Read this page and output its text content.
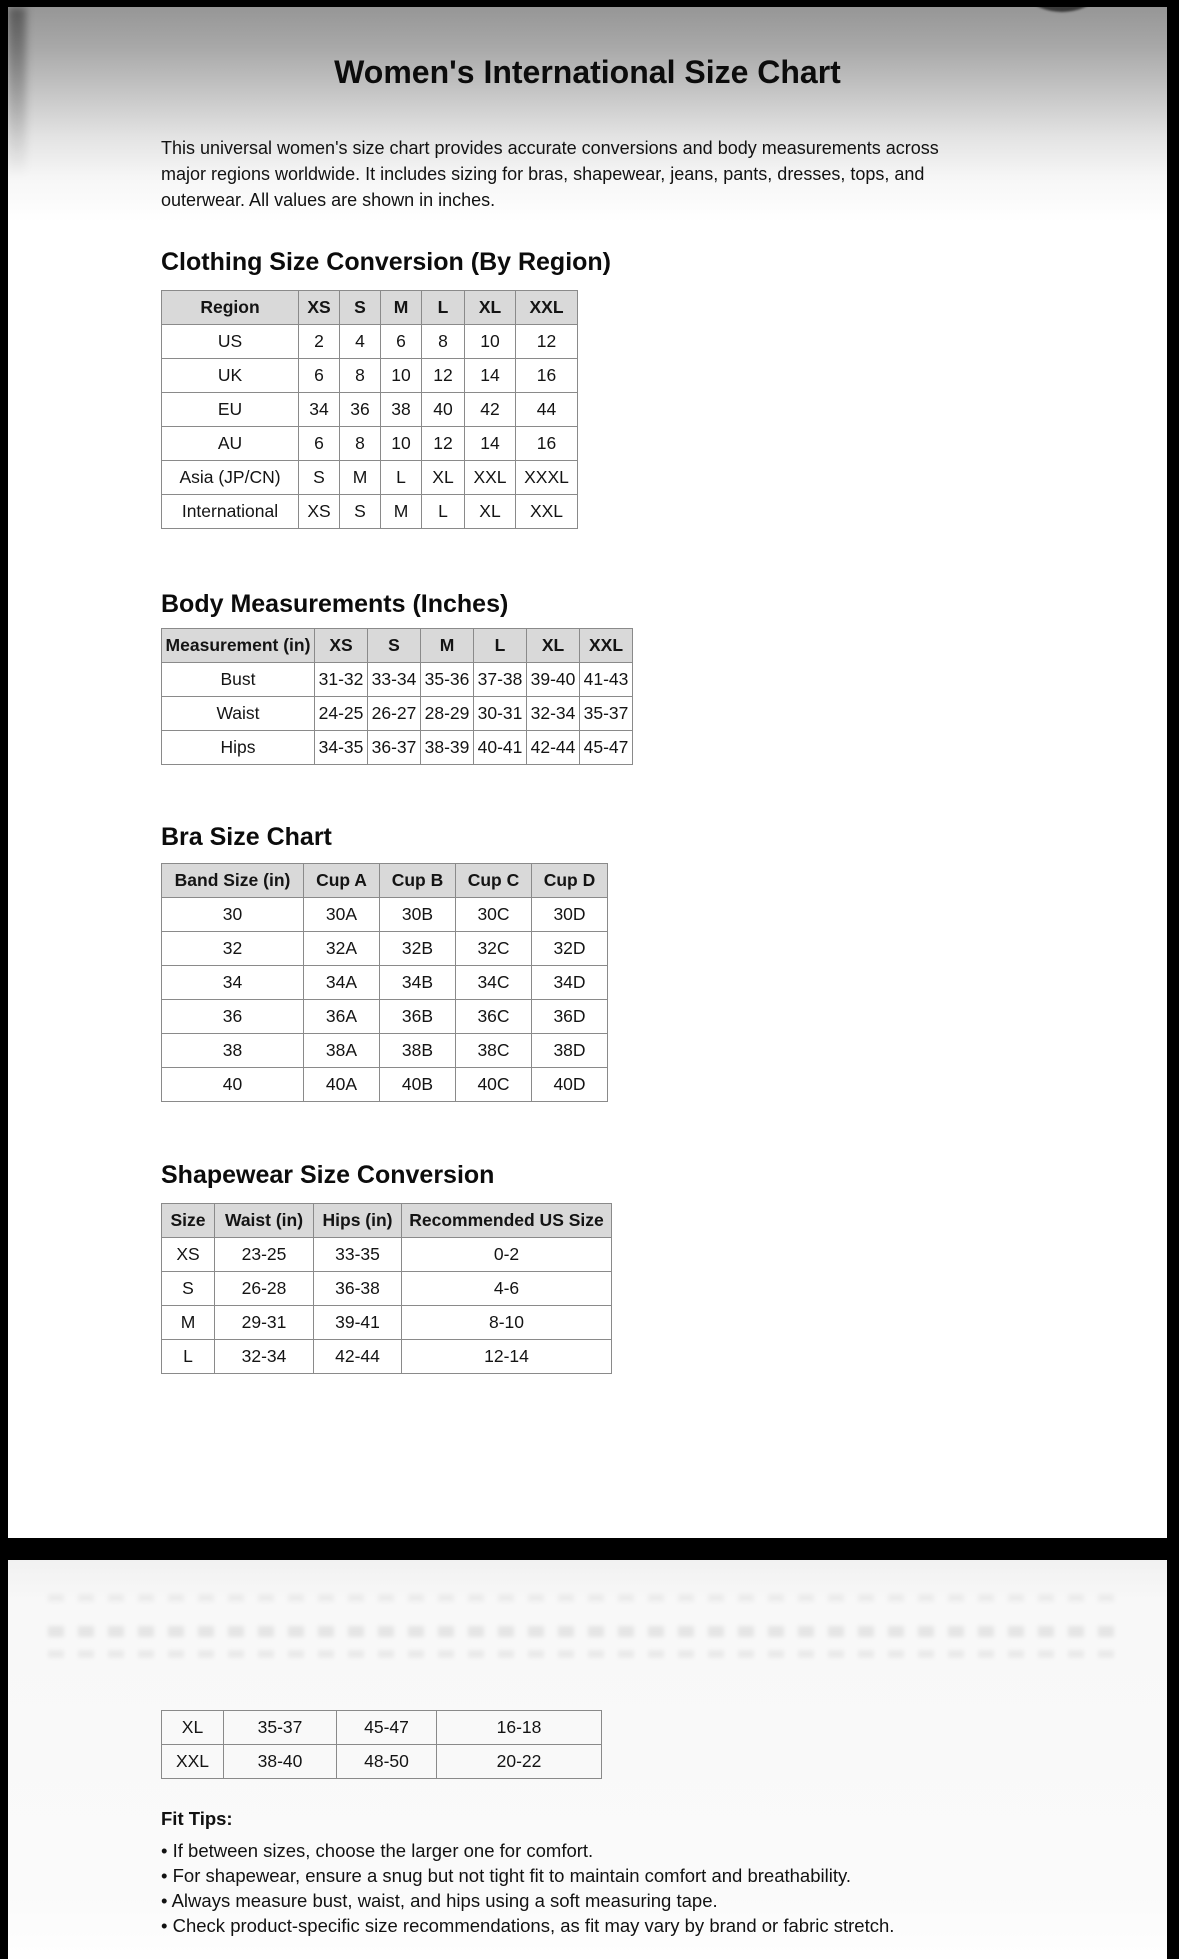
Women's International Size Chart
This universal women's size chart provides accurate conversions and body measurements across
major regions worldwide. It includes sizing for bras, shapewear, jeans, pants, dresses, tops, and
outerwear. All values are shown in inches.
Clothing Size Conversion (By Region)
Region	XS	S	M	L	XL	XXL
US	2	4	6	8	10	12
UK	6	8	10	12	14	16
EU	34	36	38	40	42	44
AU	6	8	10	12	14	16
Asia (JP/CN)	S	M	L	XL	XXL	XXXL
International	XS	S	M	L	XL	XXL
Body Measurements (Inches)
Measurement (in)	XS	S	M	L	XL	XXL
Bust	31-32	33-34	35-36	37-38	39-40	41-43
Waist	24-25	26-27	28-29	30-31	32-34	35-37
Hips	34-35	36-37	38-39	40-41	42-44	45-47
Bra Size Chart
Band Size (in)	Cup A	Cup B	Cup C	Cup D
30	30A	30B	30C	30D
32	32A	32B	32C	32D
34	34A	34B	34C	34D
36	36A	36B	36C	36D
38	38A	38B	38C	38D
40	40A	40B	40C	40D
Shapewear Size Conversion
Size	Waist (in)	Hips (in)	Recommended US Size
XS	23-25	33-35	0-2
S	26-28	36-38	4-6
M	29-31	39-41	8-10
L	32-34	42-44	12-14
XL	35-37	45-47	16-18
XXL	38-40	48-50	20-22
Fit Tips:
• If between sizes, choose the larger one for comfort.
• For shapewear, ensure a snug but not tight fit to maintain comfort and breathability.
• Always measure bust, waist, and hips using a soft measuring tape.
• Check product-specific size recommendations, as fit may vary by brand or fabric stretch.
